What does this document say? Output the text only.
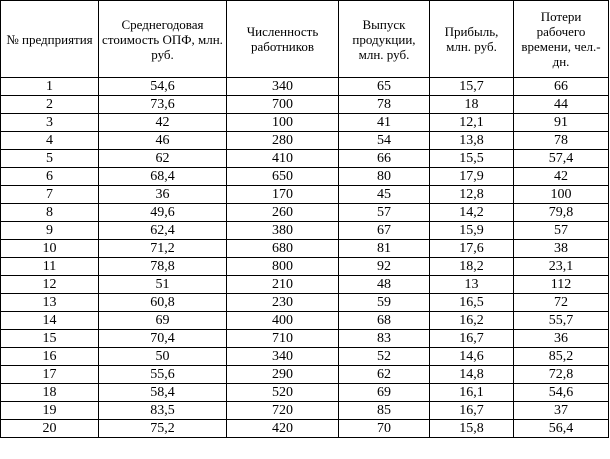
№ предприятия	Среднегодовая стоимость ОПФ, млн. руб.	Численность работников	Выпуск продукции, млн. руб.	Прибыль, млн. руб.	Потери рабочего времени, чел.-дн.
1	54,6	340	65	15,7	66
2	73,6	700	78	18	44
3	42	100	41	12,1	91
4	46	280	54	13,8	78
5	62	410	66	15,5	57,4
6	68,4	650	80	17,9	42
7	36	170	45	12,8	100
8	49,6	260	57	14,2	79,8
9	62,4	380	67	15,9	57
10	71,2	680	81	17,6	38
11	78,8	800	92	18,2	23,1
12	51	210	48	13	112
13	60,8	230	59	16,5	72
14	69	400	68	16,2	55,7
15	70,4	710	83	16,7	36
16	50	340	52	14,6	85,2
17	55,6	290	62	14,8	72,8
18	58,4	520	69	16,1	54,6
19	83,5	720	85	16,7	37
20	75,2	420	70	15,8	56,4
